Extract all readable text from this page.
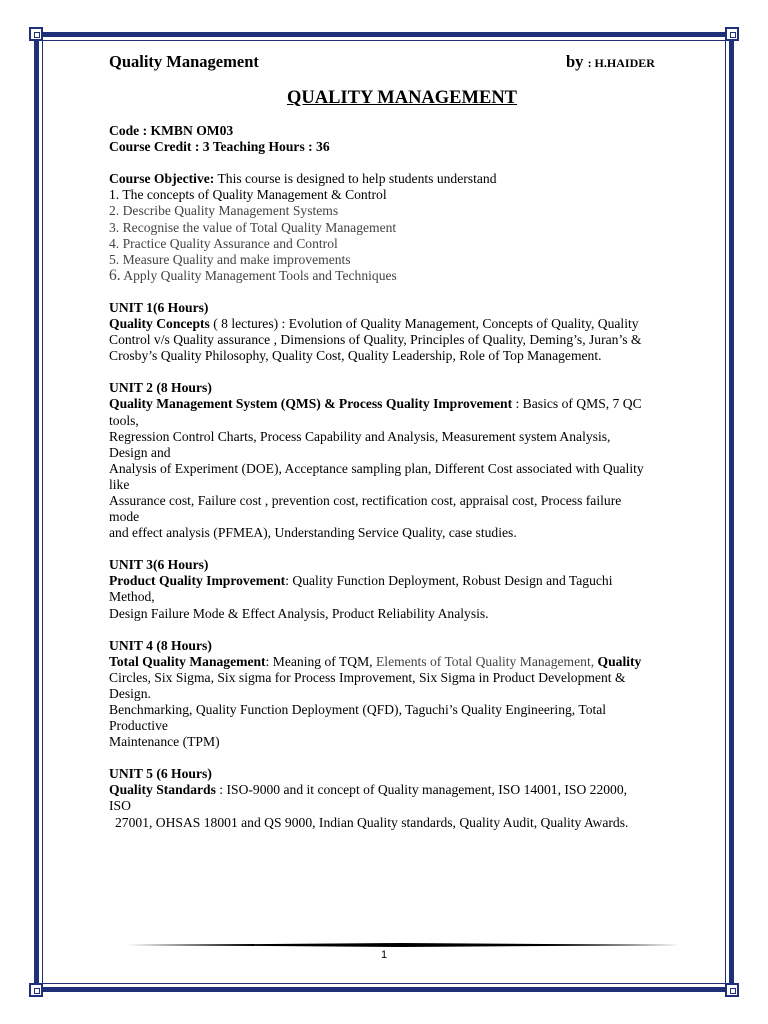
Quality Management	by : H.HAIDER
QUALITY MANAGEMENT

Code : KMBN OM03

Course Credit : 3 Teaching Hours : 36

Course Objective: This course is designed to help students understand

1. The concepts of Quality Management & Control

2. Describe Quality Management Systems

3. Recognise the value of Total Quality Management

4. Practice Quality Assurance and Control

5. Measure Quality and make improvements

6. Apply Quality Management Tools and Techniques

UNIT 1(6 Hours)

Quality Concepts ( 8 lectures) : Evolution of Quality Management, Concepts of Quality, Quality

Control v/s Quality assurance , Dimensions of Quality, Principles of Quality, Deming’s, Juran’s &

Crosby’s Quality Philosophy, Quality Cost, Quality Leadership, Role of Top Management.

UNIT 2 (8 Hours)

Quality Management System (QMS) & Process Quality Improvement : Basics of QMS, 7 QC

tools,

Regression Control Charts, Process Capability and Analysis, Measurement system Analysis,

Design and

Analysis of Experiment (DOE), Acceptance sampling plan, Different Cost associated with Quality

like

Assurance cost, Failure cost , prevention cost, rectification cost, appraisal cost, Process failure

mode

and effect analysis (PFMEA), Understanding Service Quality, case studies.

UNIT 3(6 Hours)

Product Quality Improvement: Quality Function Deployment, Robust Design and Taguchi

Method,

Design Failure Mode & Effect Analysis, Product Reliability Analysis.

UNIT 4 (8 Hours)

Total Quality Management: Meaning of TQM, Elements of Total Quality Management, Quality

Circles, Six Sigma, Six sigma for Process Improvement, Six Sigma in Product Development &

Design.

Benchmarking, Quality Function Deployment (QFD), Taguchi’s Quality Engineering, Total

Productive

Maintenance (TPM)

UNIT 5 (6 Hours)

Quality Standards : ISO-9000 and it concept of Quality management, ISO 14001, ISO 22000,

ISO

27001, OHSAS 18001 and QS 9000, Indian Quality standards, Quality Audit, Quality Awards.

1
